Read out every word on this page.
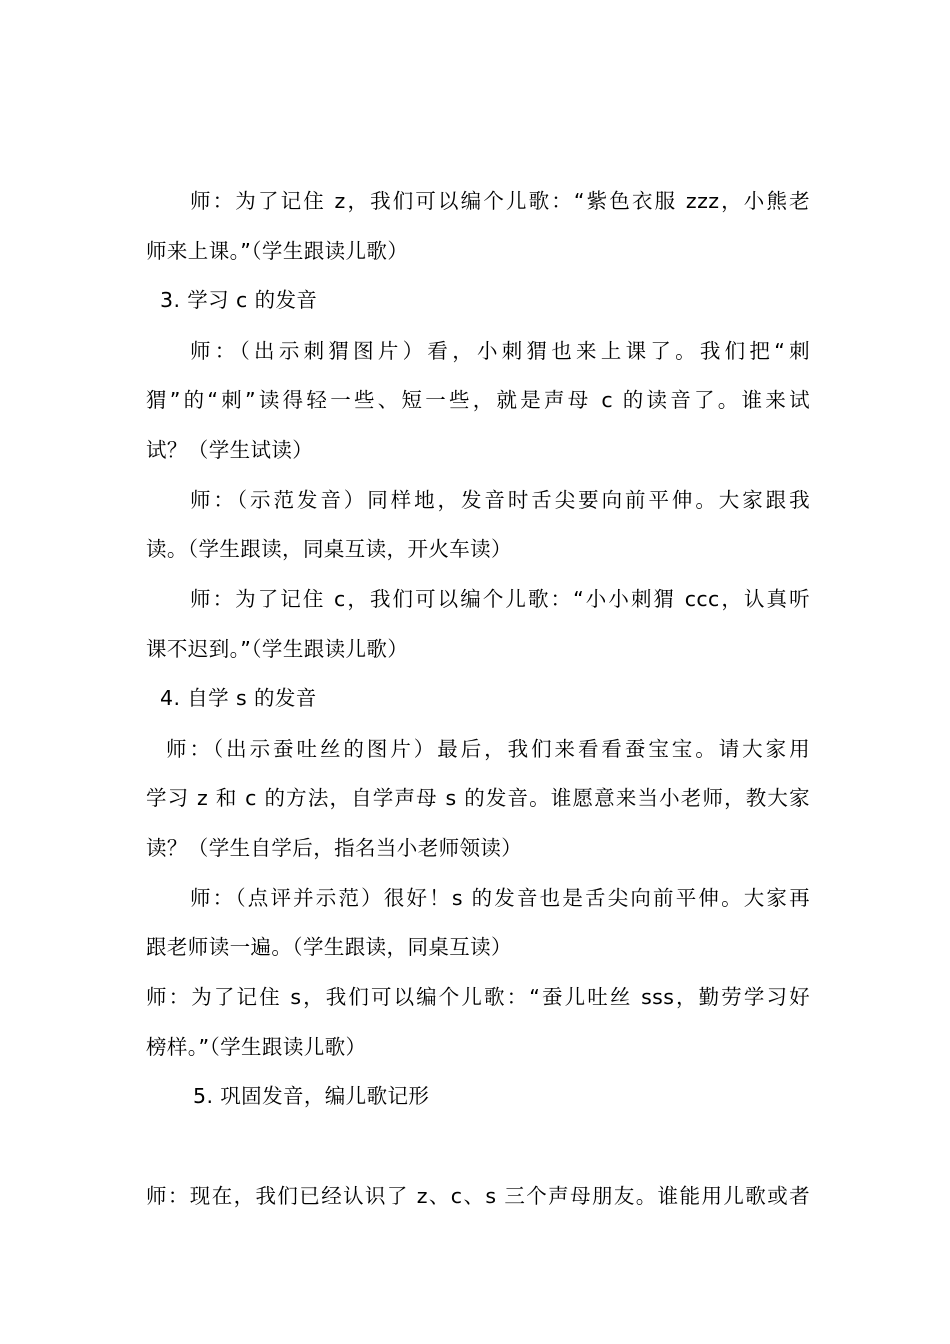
师：为了记住 z，我们可以编个儿歌：“紫色衣服 zzz，小熊老
师来上课。”（学生跟读儿歌）
3. 学习 c 的发音
师：（出示刺猬图片）看，小刺猬也来上课了。我们把“刺
猬”的“刺”读得轻一些、短一些，就是声母 c 的读音了。谁来试
试？（学生试读）
师：（示范发音）同样地，发音时舌尖要向前平伸。大家跟我
读。（学生跟读，同桌互读，开火车读）
师：为了记住 c，我们可以编个儿歌：“小小刺猬 ccc，认真听
课不迟到。”（学生跟读儿歌）
4. 自学 s 的发音
师：（出示蚕吐丝的图片）最后，我们来看看蚕宝宝。请大家用
学习 z 和 c 的方法，自学声母 s 的发音。谁愿意来当小老师，教大家
读？（学生自学后，指名当小老师领读）
师：（点评并示范）很好！s 的发音也是舌尖向前平伸。大家再
跟老师读一遍。（学生跟读，同桌互读）
师：为了记住 s，我们可以编个儿歌：“蚕儿吐丝 sss，勤劳学习好
榜样。”（学生跟读儿歌）
5. 巩固发音，编儿歌记形
师：现在，我们已经认识了 z、c、s 三个声母朋友。谁能用儿歌或者
